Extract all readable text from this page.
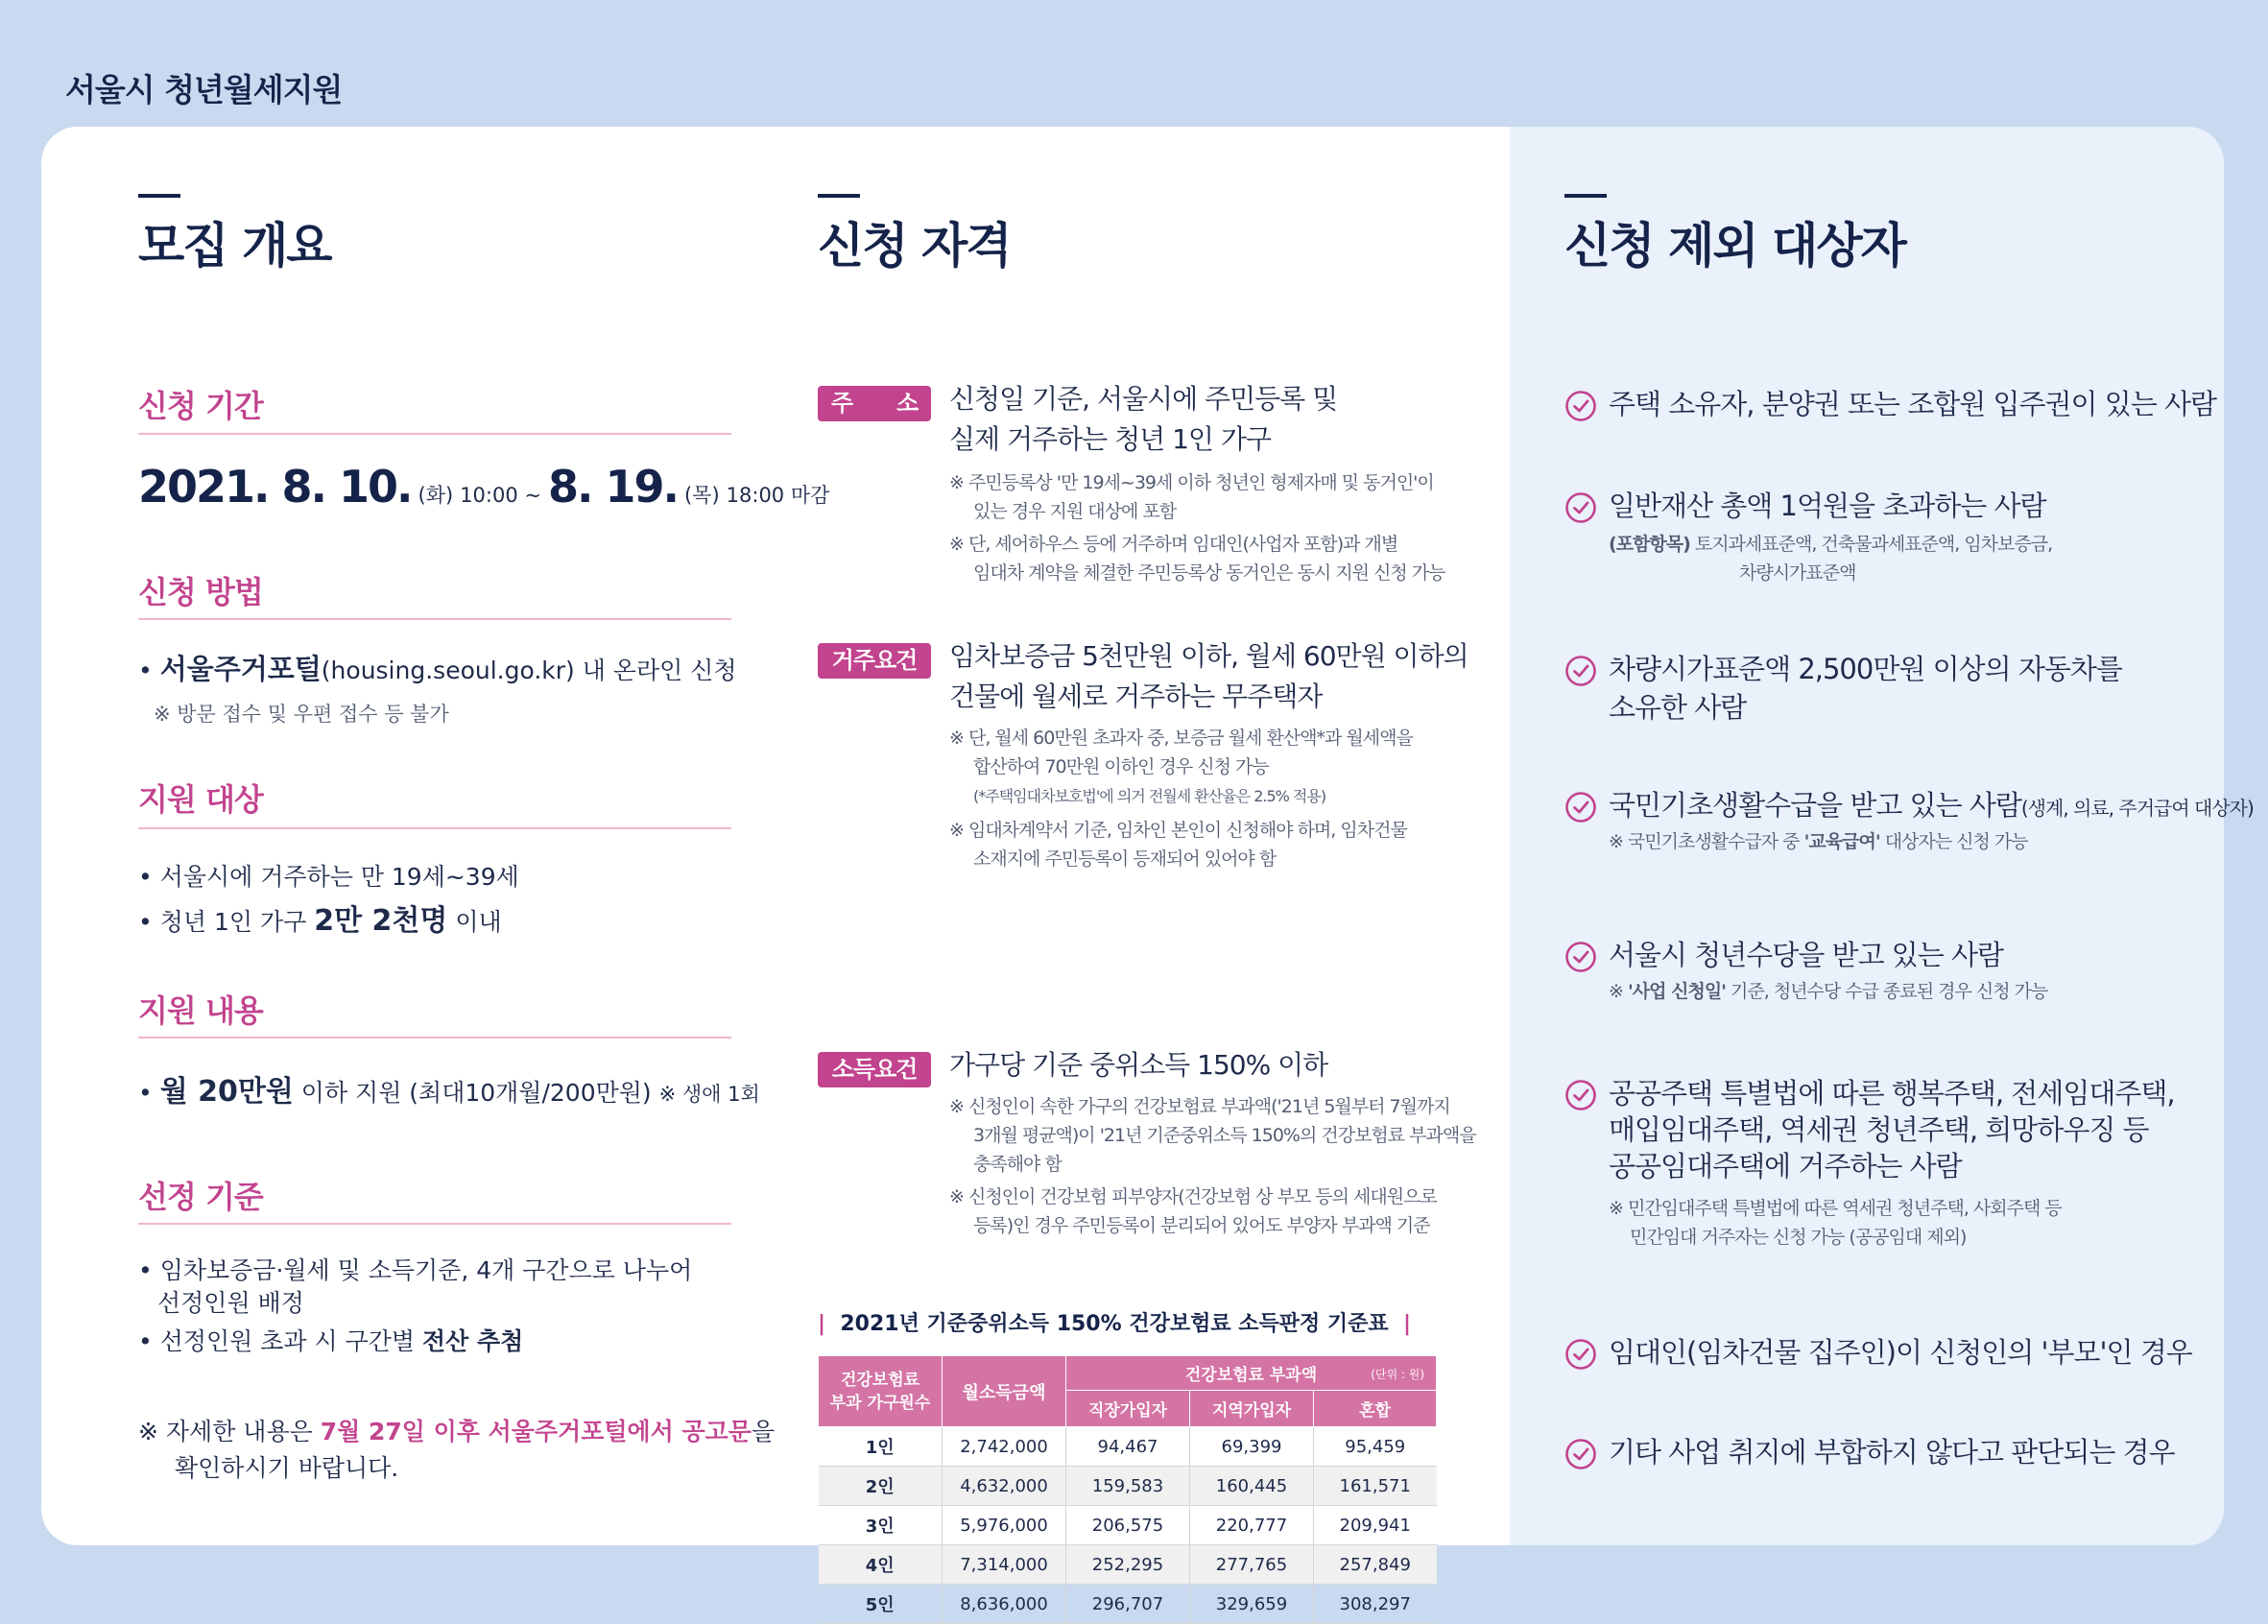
서울시 청년월세지원
모집 개요
신청 기간
2021. 8. 10. (화) 10:00 ~ 8. 19. (목) 18:00 마감
신청 방법
• 서울주거포털(housing.seoul.go.kr) 내 온라인 신청
※ 방문 접수 및 우편 접수 등 불가
지원 대상
• 서울시에 거주하는 만 19세~39세
• 청년 1인 가구 2만 2천명 이내
지원 내용
• 월 20만원 이하 지원 (최대10개월/200만원) ※ 생애 1회
선정 기준
• 임차보증금·월세 및 소득기준, 4개 구간으로 나누어
선정인원 배정
• 선정인원 초과 시 구간별 전산 추첨
※ 자세한 내용은 7월 27일 이후 서울주거포털에서 공고문을
확인하시기 바랍니다.
신청 자격
주　　소	신청일 기준, 서울시에 주민등록 및
실제 거주하는 청년 1인 가구
※ 주민등록상 '만 19세~39세 이하 청년인 형제자매 및 동거인'이
있는 경우 지원 대상에 포함
※ 단, 셰어하우스 등에 거주하며 임대인(사업자 포함)과 개별
임대차 계약을 체결한 주민등록상 동거인은 동시 지원 신청 가능
거주요건	임차보증금 5천만원 이하, 월세 60만원 이하의
건물에 월세로 거주하는 무주택자
※ 단, 월세 60만원 초과자 중, 보증금 월세 환산액*과 월세액을
합산하여 70만원 이하인 경우 신청 가능
(*주택임대차보호법'에 의거 전월세 환산율은 2.5% 적용)
※ 임대차계약서 기준, 임차인 본인이 신청해야 하며, 임차건물
소재지에 주민등록이 등재되어 있어야 함
소득요건	가구당 기준 중위소득 150% 이하
※ 신청인이 속한 가구의 건강보험료 부과액('21년 5월부터 7월까지
3개월 평균액)이 '21년 기준중위소득 150%의 건강보험료 부과액을
충족해야 함
※ 신청인이 건강보험 피부양자(건강보험 상 부모 등의 세대원으로
등록)인 경우 주민등록이 분리되어 있어도 부양자 부과액 기준
| 2021년 기준중위소득 150% 건강보험료 소득판정 기준표 |
건강보험료
부과 가구원수	월소득금액	건강보험료 부과액 (단위 : 원)		

		직장가입자	지역가입자	혼합
1인	2,742,000	94,467	69,399	95,459
2인	4,632,000	159,583	160,445	161,571
3인	5,976,000	206,575	220,777	209,941
4인	7,314,000	252,295	277,765	257,849
5인	8,636,000	296,707	329,659	308,297
신청 제외 대상자
주택 소유자, 분양권 또는 조합원 입주권이 있는 사람
일반재산 총액 1억원을 초과하는 사람
(포함항목) 토지과세표준액, 건축물과세표준액, 임차보증금,
차량시가표준액
차량시가표준액 2,500만원 이상의 자동차를
소유한 사람
국민기초생활수급을 받고 있는 사람(생계, 의료, 주거급여 대상자)
※ 국민기초생활수급자 중 '교육급여' 대상자는 신청 가능
서울시 청년수당을 받고 있는 사람
※ '사업 신청일' 기준, 청년수당 수급 종료된 경우 신청 가능
공공주택 특별법에 따른 행복주택, 전세임대주택,
매입임대주택, 역세권 청년주택, 희망하우징 등
공공임대주택에 거주하는 사람
※ 민간임대주택 특별법에 따른 역세권 청년주택, 사회주택 등
민간임대 거주자는 신청 가능 (공공임대 제외)
임대인(임차건물 집주인)이 신청인의 '부모'인 경우
기타 사업 취지에 부합하지 않다고 판단되는 경우
